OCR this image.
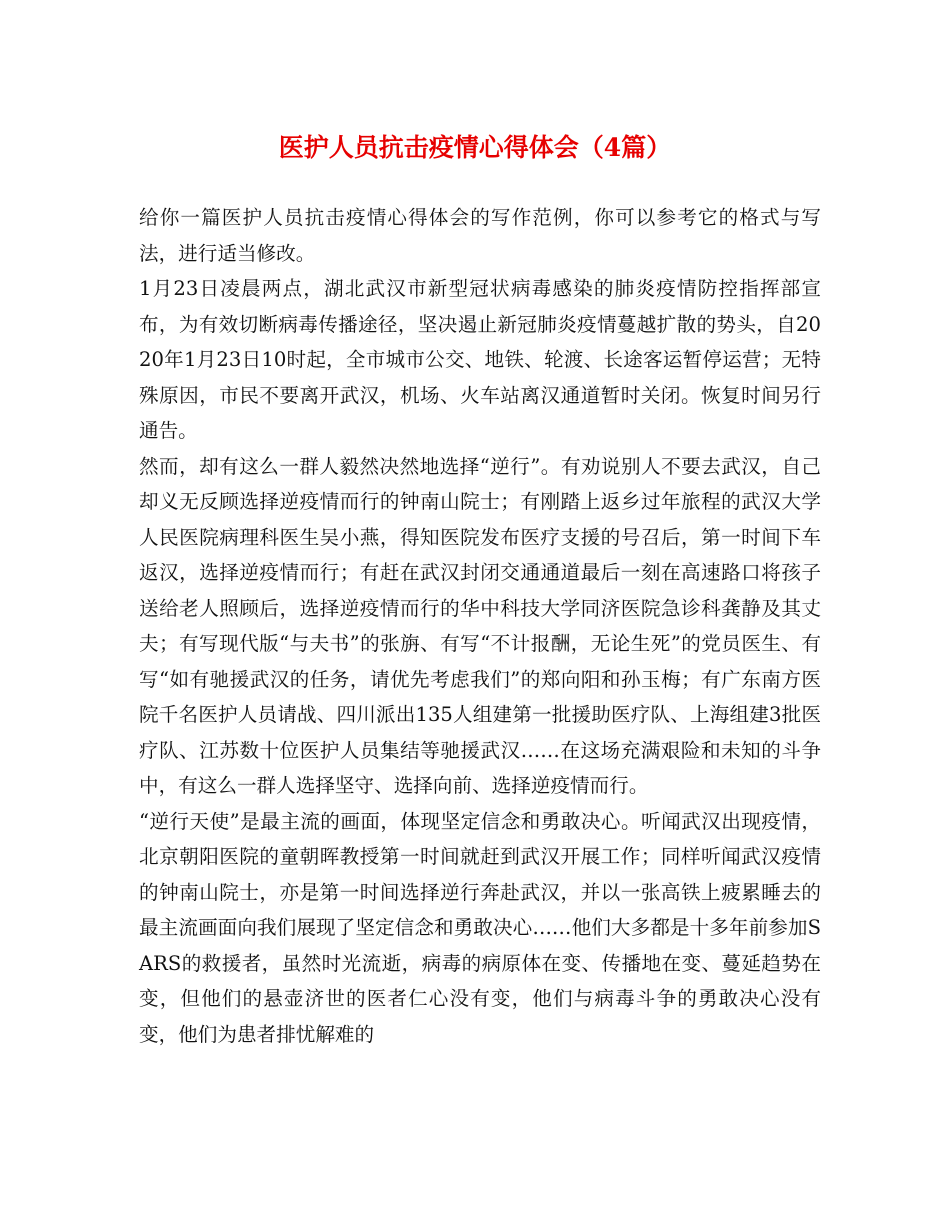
医护人员抗击疫情心得体会（4篇）

给你一篇医护人员抗击疫情心得体会的写作范例，你可以参考它的格式与写法，进行适当修改。

1月23日凌晨两点，湖北武汉市新型冠状病毒感染的肺炎疫情防控指挥部宣布，为有效切断病毒传播途径，坚决遏止新冠肺炎疫情蔓越扩散的势头，自2020年1月23日10时起，全市城市公交、地铁、轮渡、长途客运暂停运营；无特殊原因，市民不要离开武汉，机场、火车站离汉通道暂时关闭。恢复时间另行通告。

然而，却有这么一群人毅然决然地选择“逆行”。有劝说别人不要去武汉，自己却义无反顾选择逆疫情而行的钟南山院士；有刚踏上返乡过年旅程的武汉大学人民医院病理科医生吴小燕，得知医院发布医疗支援的号召后，第一时间下车返汉，选择逆疫情而行；有赶在武汉封闭交通通道最后一刻在高速路口将孩子送给老人照顾后，选择逆疫情而行的华中科技大学同济医院急诊科龚静及其丈夫；有写现代版“与夫书”的张旃、有写“不计报酬，无论生死”的党员医生、有写“如有驰援武汉的任务，请优先考虑我们”的郑向阳和孙玉梅；有广东南方医院千名医护人员请战、四川派出135人组建第一批援助医疗队、上海组建3批医疗队、江苏数十位医护人员集结等驰援武汉……在这场充满艰险和未知的斗争中，有这么一群人选择坚守、选择向前、选择逆疫情而行。

“逆行天使”是最主流的画面，体现坚定信念和勇敢决心。听闻武汉出现疫情，北京朝阳医院的童朝晖教授第一时间就赶到武汉开展工作；同样听闻武汉疫情的钟南山院士，亦是第一时间选择逆行奔赴武汉，并以一张高铁上疲累睡去的最主流画面向我们展现了坚定信念和勇敢决心……他们大多都是十多年前参加SARS的救援者，虽然时光流逝，病毒的病原体在变、传播地在变、蔓延趋势在变，但他们的悬壶济世的医者仁心没有变，他们与病毒斗争的勇敢决心没有变，他们为患者排忧解难的
